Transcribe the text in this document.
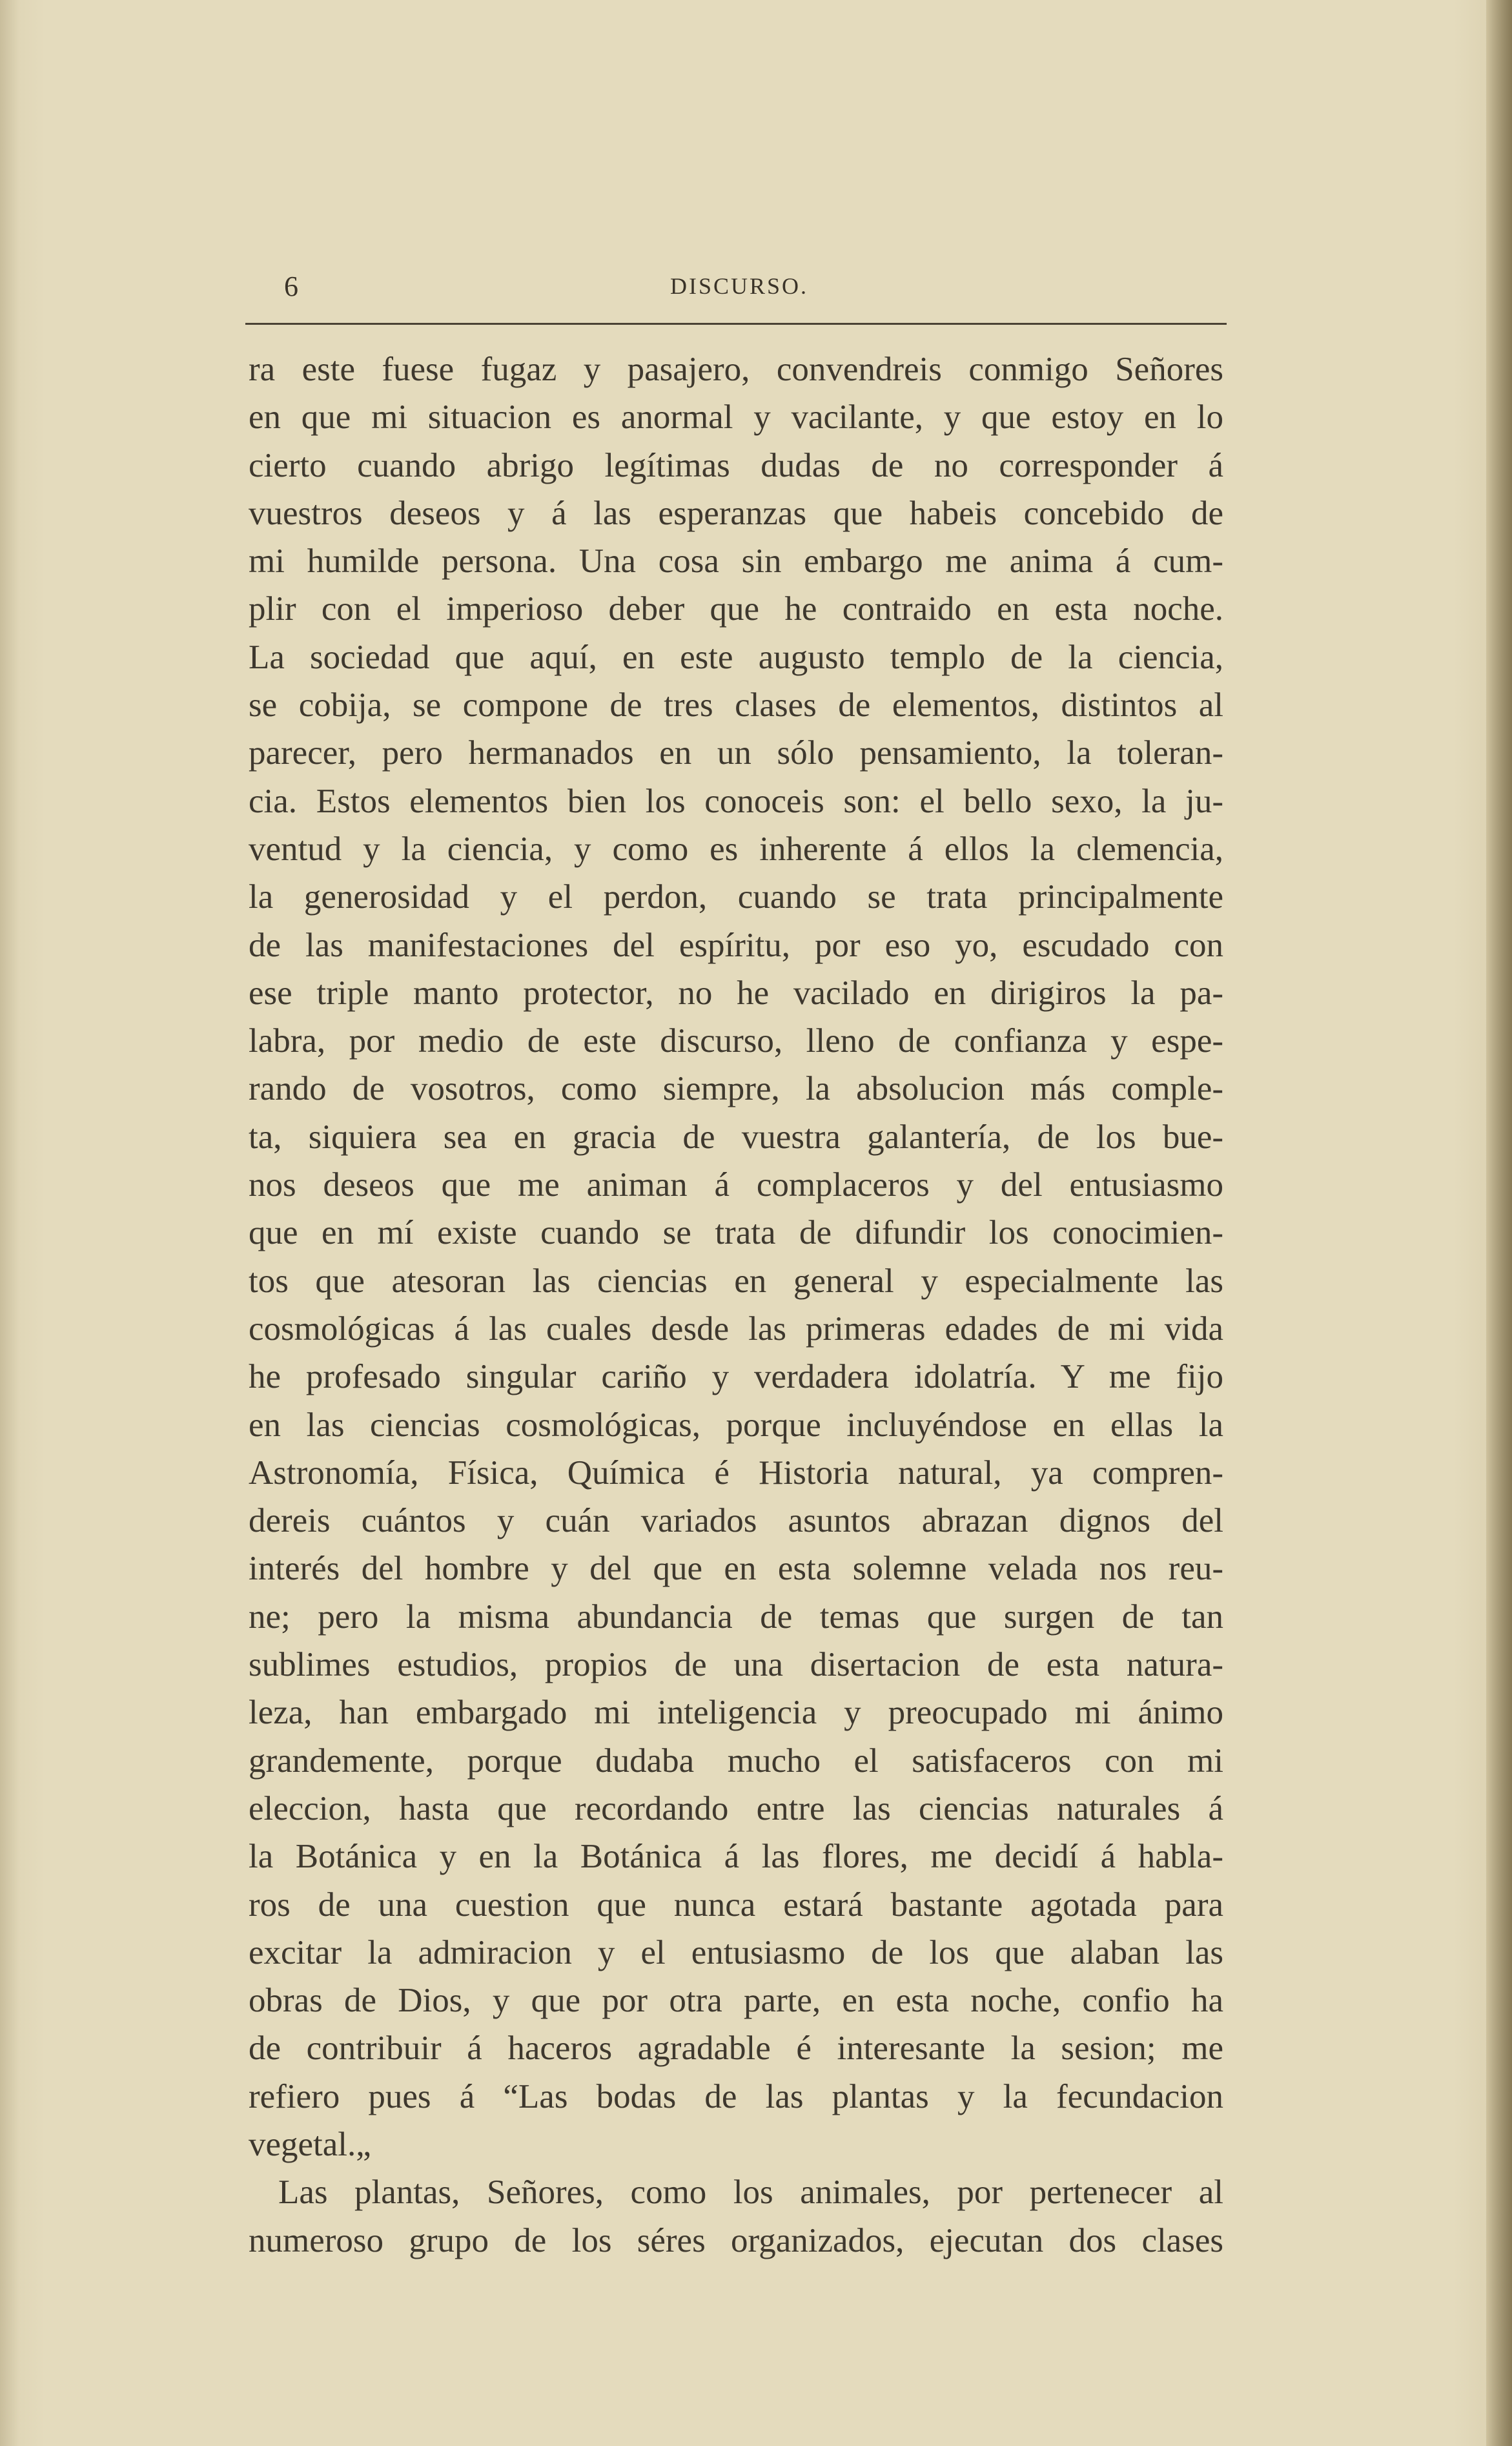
6	DISCURSO.
ra este fuese fugaz y pasajero, convendreis conmigo Señores
en que mi situacion es anormal y vacilante, y que estoy en lo
cierto cuando abrigo legítimas dudas de no corresponder á
vuestros deseos y á las esperanzas que habeis concebido de
mi humilde persona. Una cosa sin embargo me anima á cum-
plir con el imperioso deber que he contraido en esta noche.
La sociedad que aquí, en este augusto templo de la ciencia,
se cobija, se compone de tres clases de elementos, distintos al
parecer, pero hermanados en un sólo pensamiento, la toleran-
cia. Estos elementos bien los conoceis son: el bello sexo, la ju-
ventud y la ciencia, y como es inherente á ellos la clemencia,
la generosidad y el perdon, cuando se trata principalmente
de las manifestaciones del espíritu, por eso yo, escudado con
ese triple manto protector, no he vacilado en dirigiros la pa-
labra, por medio de este discurso, lleno de confianza y espe-
rando de vosotros, como siempre, la absolucion más comple-
ta, siquiera sea en gracia de vuestra galantería, de los bue-
nos deseos que me animan á complaceros y del entusiasmo
que en mí existe cuando se trata de difundir los conocimien-
tos que atesoran las ciencias en general y especialmente las
cosmológicas á las cuales desde las primeras edades de mi vida
he profesado singular cariño y verdadera idolatría. Y me fijo
en las ciencias cosmológicas, porque incluyéndose en ellas la
Astronomía, Física, Química é Historia natural, ya compren-
dereis cuántos y cuán variados asuntos abrazan dignos del
interés del hombre y del que en esta solemne velada nos reu-
ne; pero la misma abundancia de temas que surgen de tan
sublimes estudios, propios de una disertacion de esta natura-
leza, han embargado mi inteligencia y preocupado mi ánimo
grandemente, porque dudaba mucho el satisfaceros con mi
eleccion, hasta que recordando entre las ciencias naturales á
la Botánica y en la Botánica á las flores, me decidí á habla-
ros de una cuestion que nunca estará bastante agotada para
excitar la admiracion y el entusiasmo de los que alaban las
obras de Dios, y que por otra parte, en esta noche, confio ha
de contribuir á haceros agradable é interesante la sesion; me
refiero pues á “Las bodas de las plantas y la fecundacion
vegetal.„
Las plantas, Señores, como los animales, por pertenecer al
numeroso grupo de los séres organizados, ejecutan dos clases
